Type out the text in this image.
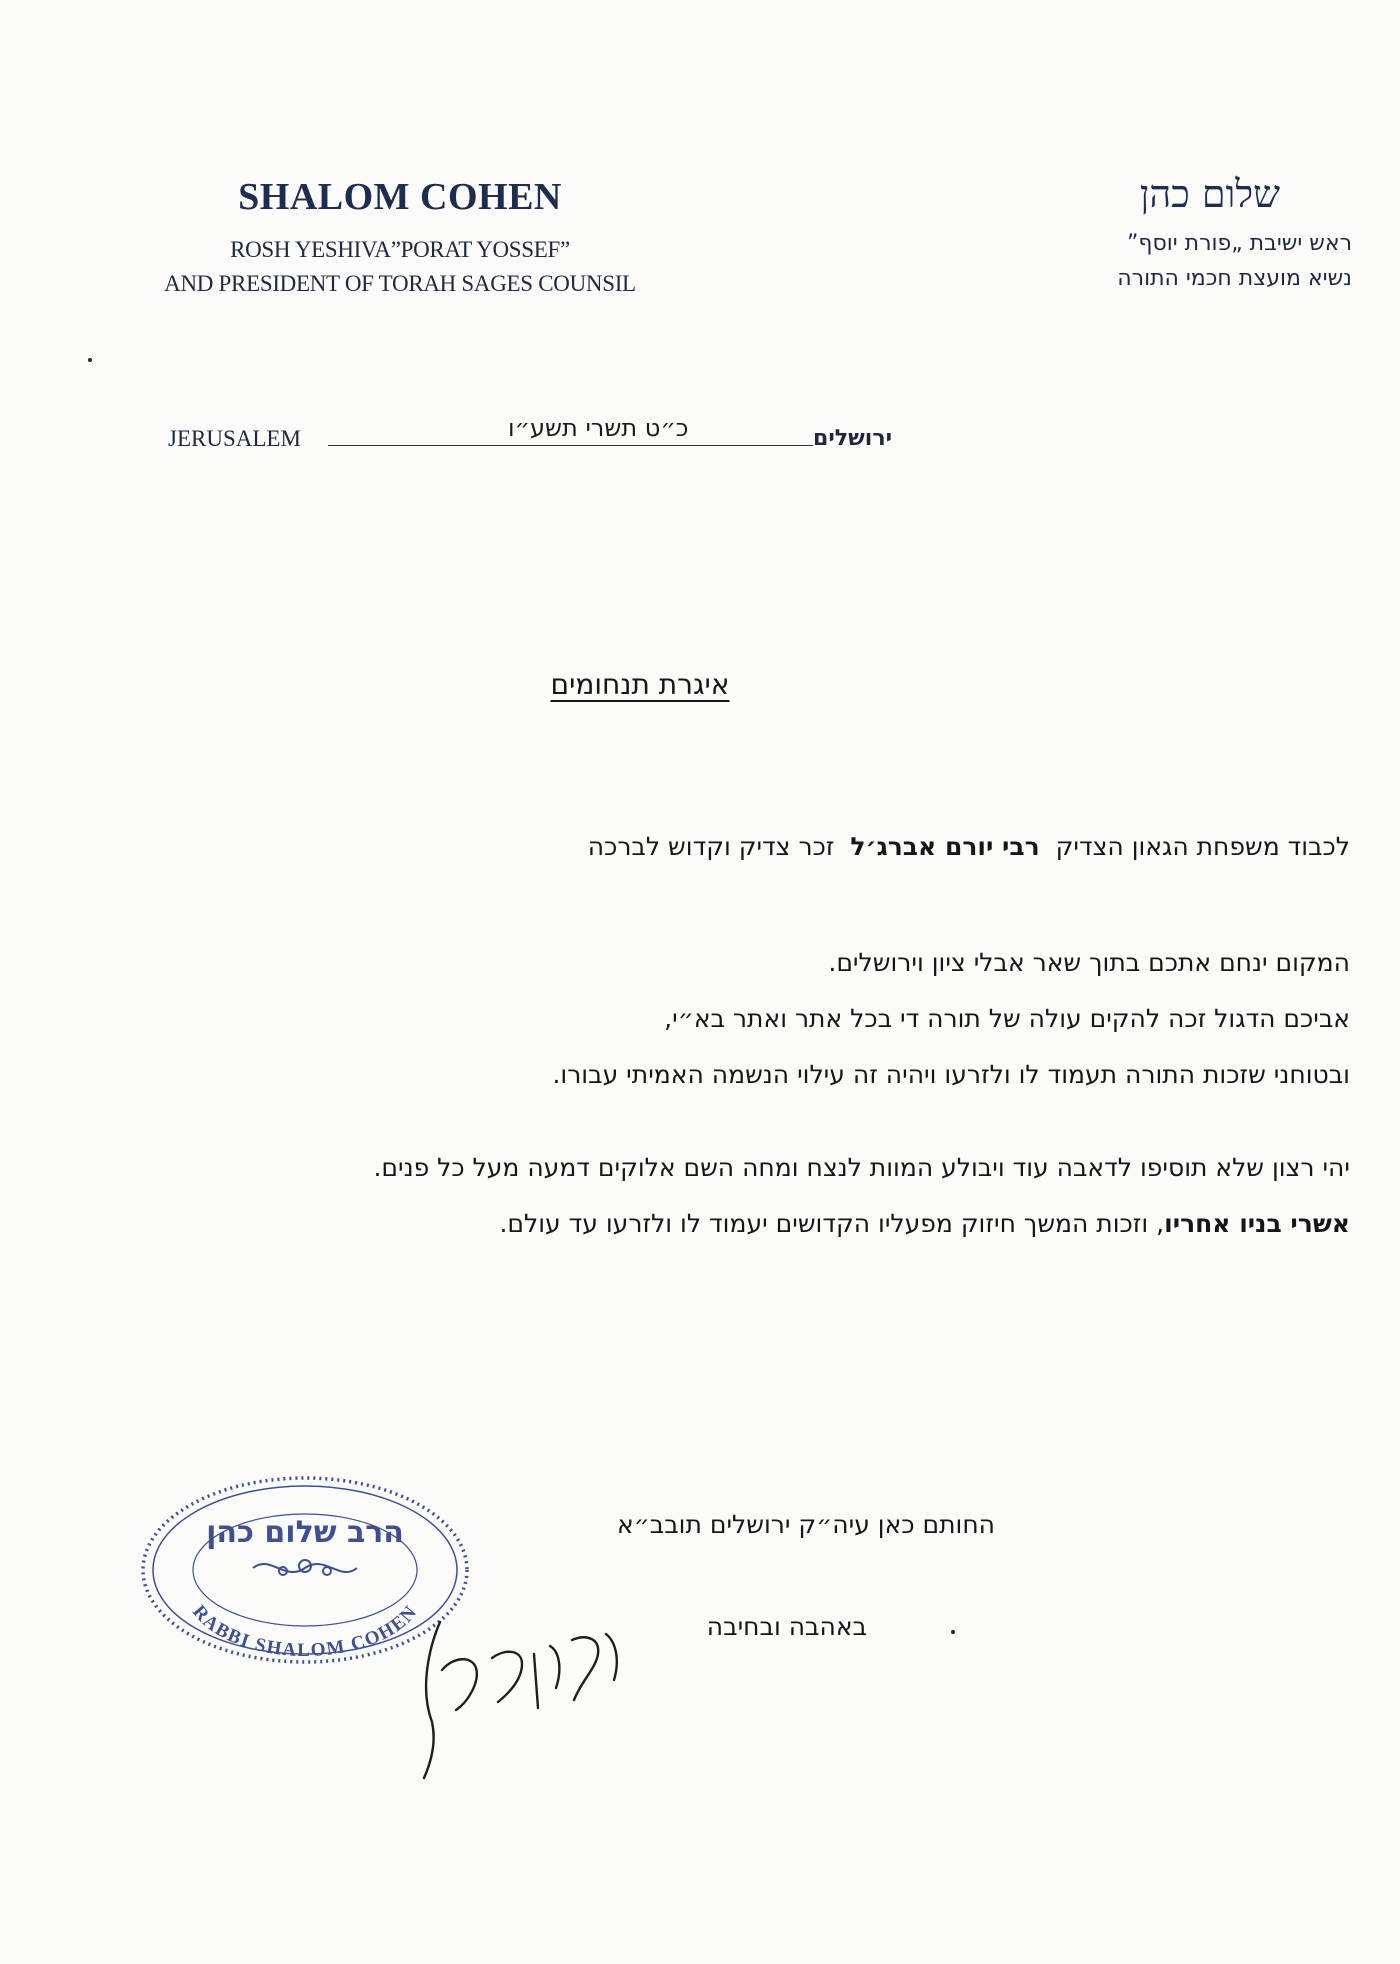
SHALOM COHEN
ROSH YESHIVA”PORAT YOSSEF”
AND PRESIDENT OF TORAH SAGES COUNSIL
שלום כהן
ראש ישיבת „פורת יוסף”
נשיא מועצת חכמי התורה
JERUSALEM	כ״ט תשרי תשע״ו	ירושלים
איגרת תנחומים
לכבוד משפחת הגאון הצדיק  רבי יורם אברג׳ל  זכר צדיק וקדוש לברכה
המקום ינחם אתכם בתוך שאר אבלי ציון וירושלים.
אביכם הדגול זכה להקים עולה של תורה די בכל אתר ואתר בא״י,
ובטוחני שזכות התורה תעמוד לו ולזרעו ויהיה זה עילוי הנשמה האמיתי עבורו.
יהי רצון שלא תוסיפו לדאבה עוד ויבולע המוות לנצח ומחה השם אלוקים דמעה מעל כל פנים.
אשרי בניו אחריו, וזכות המשך חיזוק מפעליו הקדושים יעמוד לו ולזרעו עד עולם.
החותם כאן עיה״ק ירושלים תובב״א
באהבה ובחיבה
הרב שלום כהן
RABBI SHALOM COHEN
